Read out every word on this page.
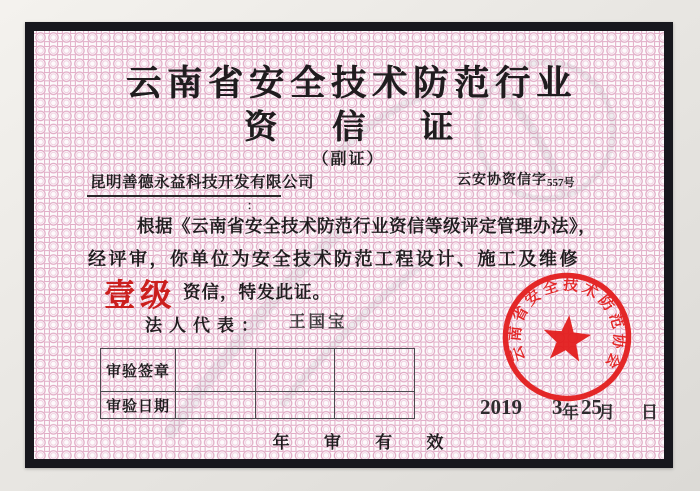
云南省安全技术防范行业
资信证
（副证）
昆明善德永益科技开发有限公司
：
云安协资信字557号
根据《云南省安全技术防范行业资信等级评定管理办法》，
经评审，你单位为安全技术防范工程设计、施工及维修
壹级 资信，特发此证。
法人代表： 王国宝
审验签章			
审验日期				2019 3 年 25
月 日
年 审 有 效
云南省安全技术防范协会
